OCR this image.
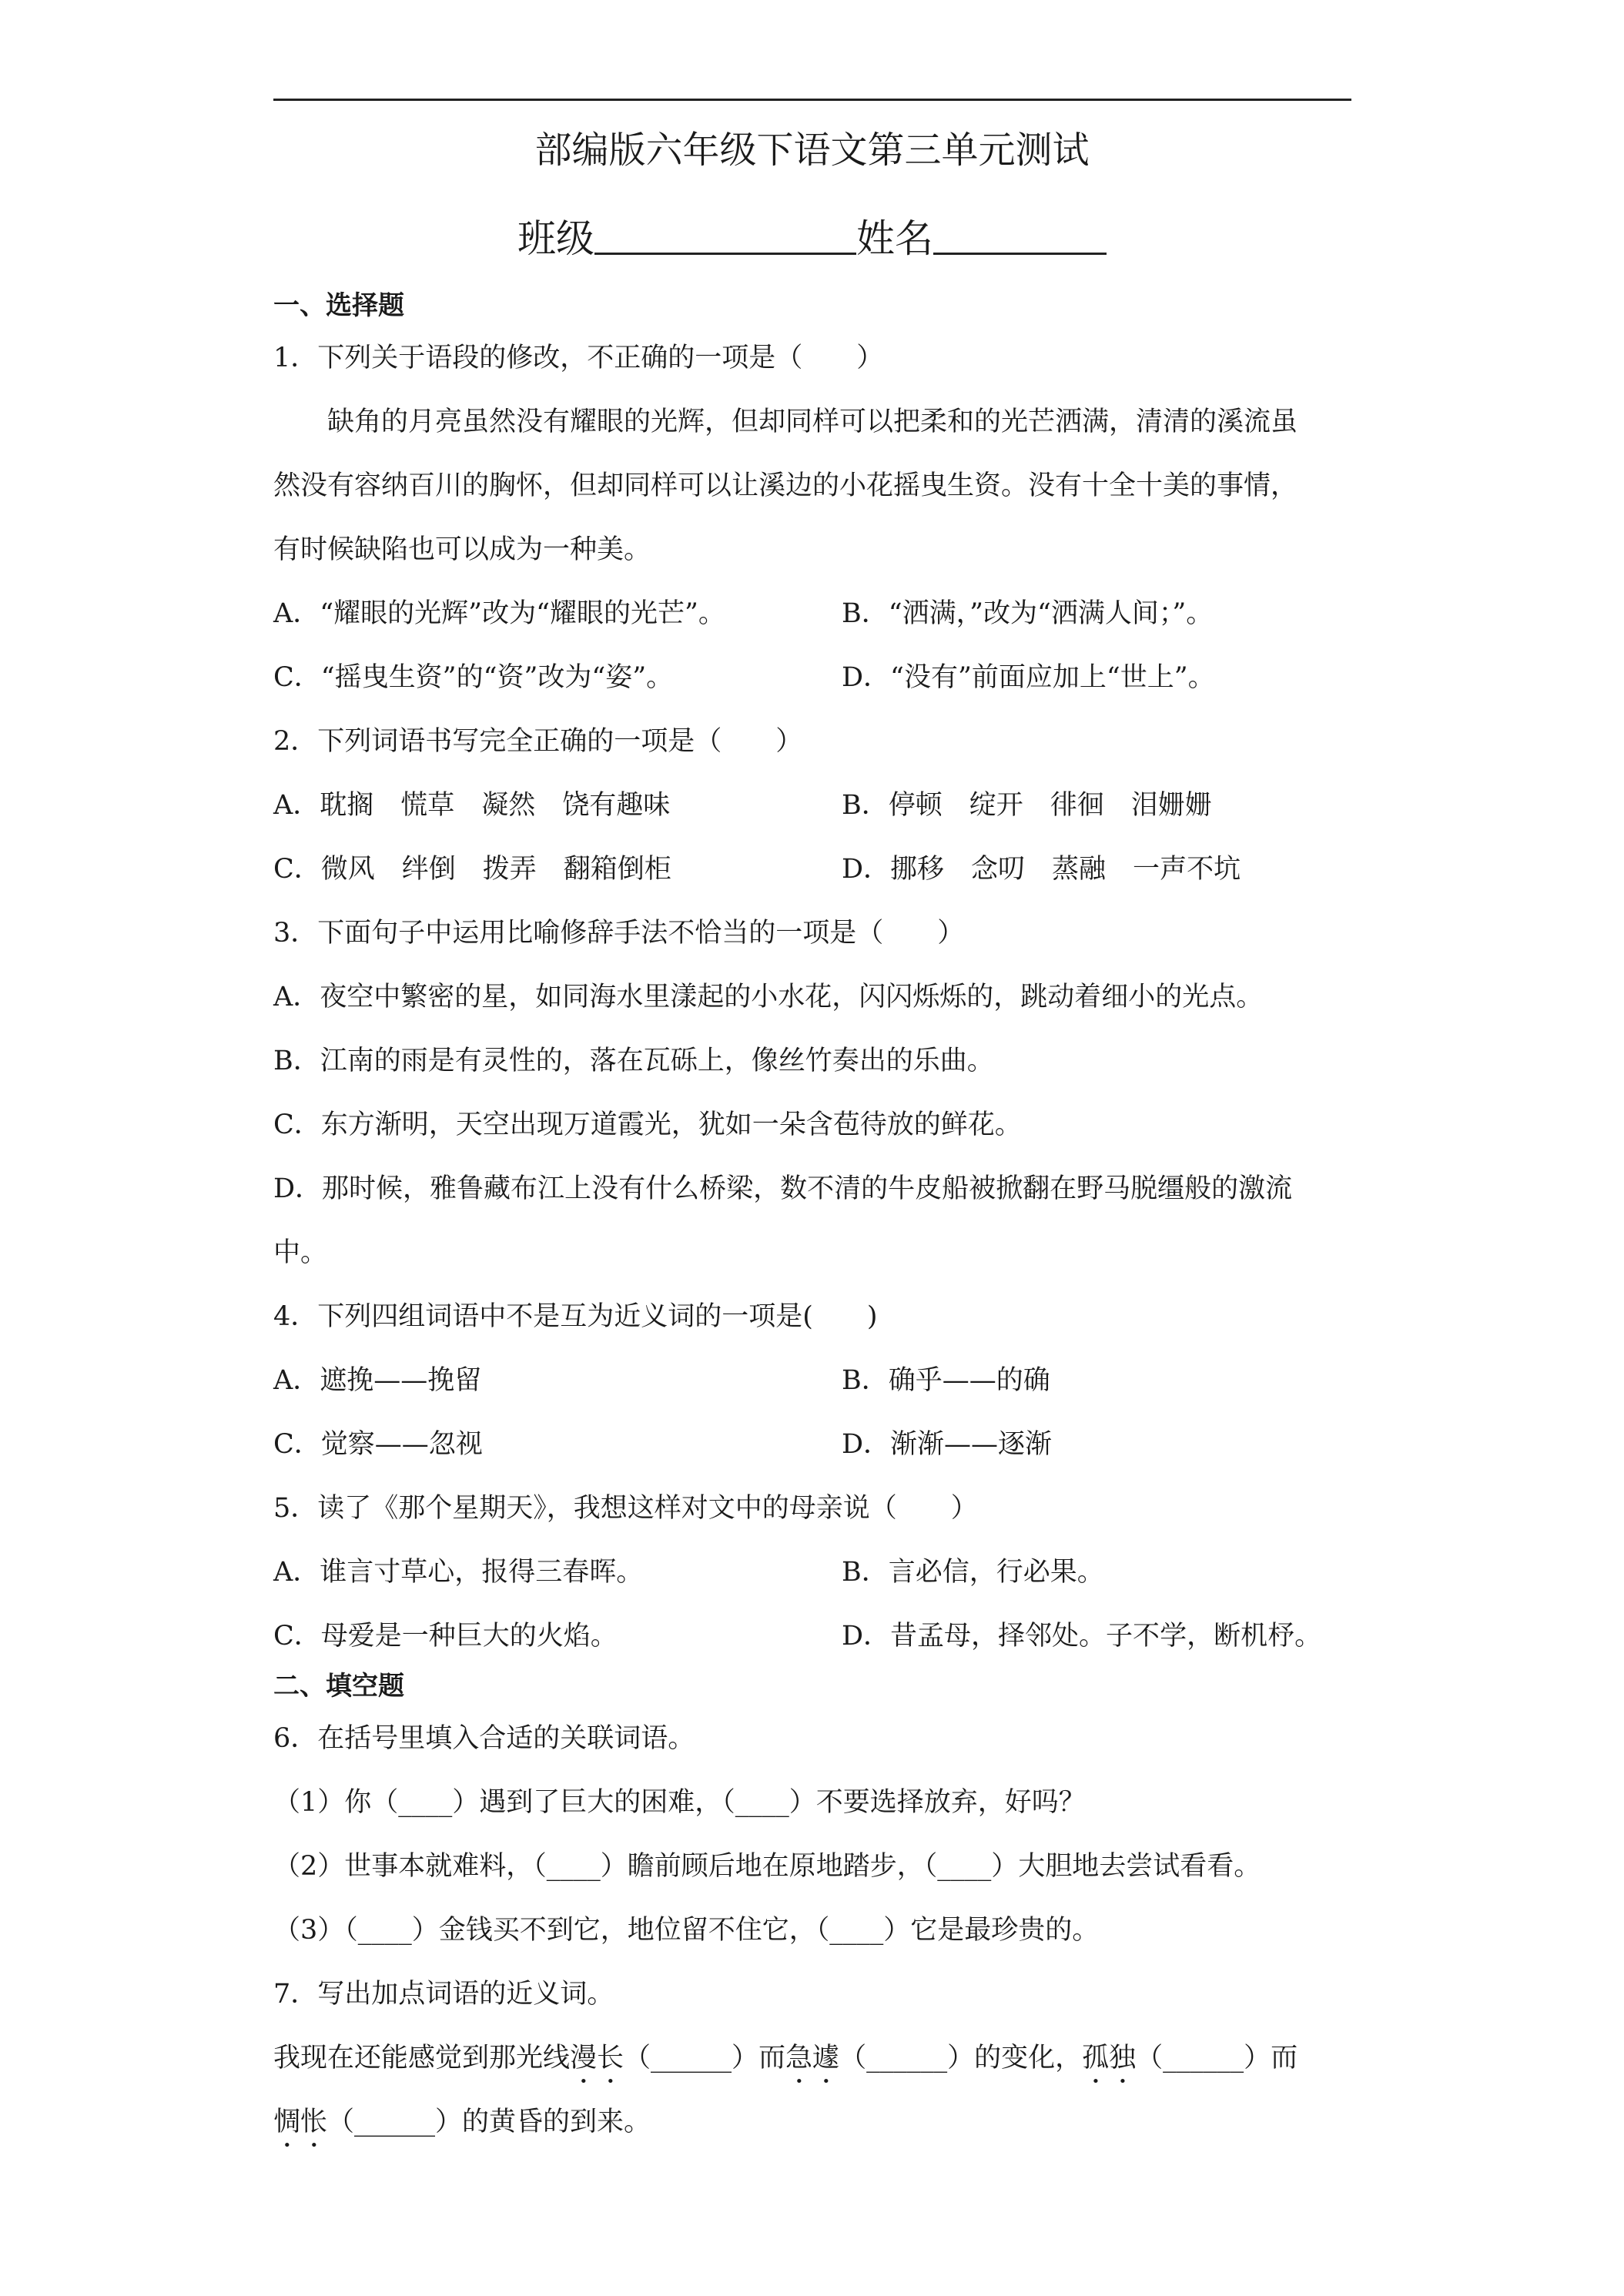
部编版六年级下语文第三单元测试
班级	姓名
一、选择题
1．下列关于语段的修改，不正确的一项是（　　）
缺角的月亮虽然没有耀眼的光辉，但却同样可以把柔和的光芒洒满，清清的溪流虽
然没有容纳百川的胸怀，但却同样可以让溪边的小花摇曳生资。没有十全十美的事情，
有时候缺陷也可以成为一种美。
A．“耀眼的光辉”改为“耀眼的光芒”。	B．“洒满，”改为“洒满人间；”。
C．“摇曳生资”的“资”改为“姿”。	D．“没有”前面应加上“世上”。
2．下列词语书写完全正确的一项是（　　）
A．耽搁　慌草　凝然　饶有趣味	B．停顿　绽开　徘徊　泪姗姗
C．微风　绊倒　拨弄　翻箱倒柜	D．挪移　念叨　蒸融　一声不坑
3．下面句子中运用比喻修辞手法不恰当的一项是（　　）
A．夜空中繁密的星，如同海水里漾起的小水花，闪闪烁烁的，跳动着细小的光点。
B．江南的雨是有灵性的，落在瓦砾上，像丝竹奏出的乐曲。
C．东方渐明，天空出现万道霞光，犹如一朵含苞待放的鲜花。
D．那时候，雅鲁藏布江上没有什么桥梁，数不清的牛皮船被掀翻在野马脱缰般的激流
中。
4．下列四组词语中不是互为近义词的一项是(　　)
A．遮挽——挽留	B．确乎——的确
C．觉察——忽视	D．渐渐——逐渐
5．读了《那个星期天》，我想这样对文中的母亲说（　　）
A．谁言寸草心，报得三春晖。	B．言必信，行必果。
C．母爱是一种巨大的火焰。	D．昔孟母，择邻处。子不学，断机杼。
二、填空题
6．在括号里填入合适的关联词语。
（1）你（____）遇到了巨大的困难，（____）不要选择放弃，好吗？
（2）世事本就难料，（____）瞻前顾后地在原地踏步，（____）大胆地去尝试看看。
（3）（____）金钱买不到它，地位留不住它，（____）它是最珍贵的。
7．写出加点词语的近义词。
我现在还能感觉到那光线漫长（______）而急遽（______）的变化，孤独（______）而
惆怅（______）的黄昏的到来。
